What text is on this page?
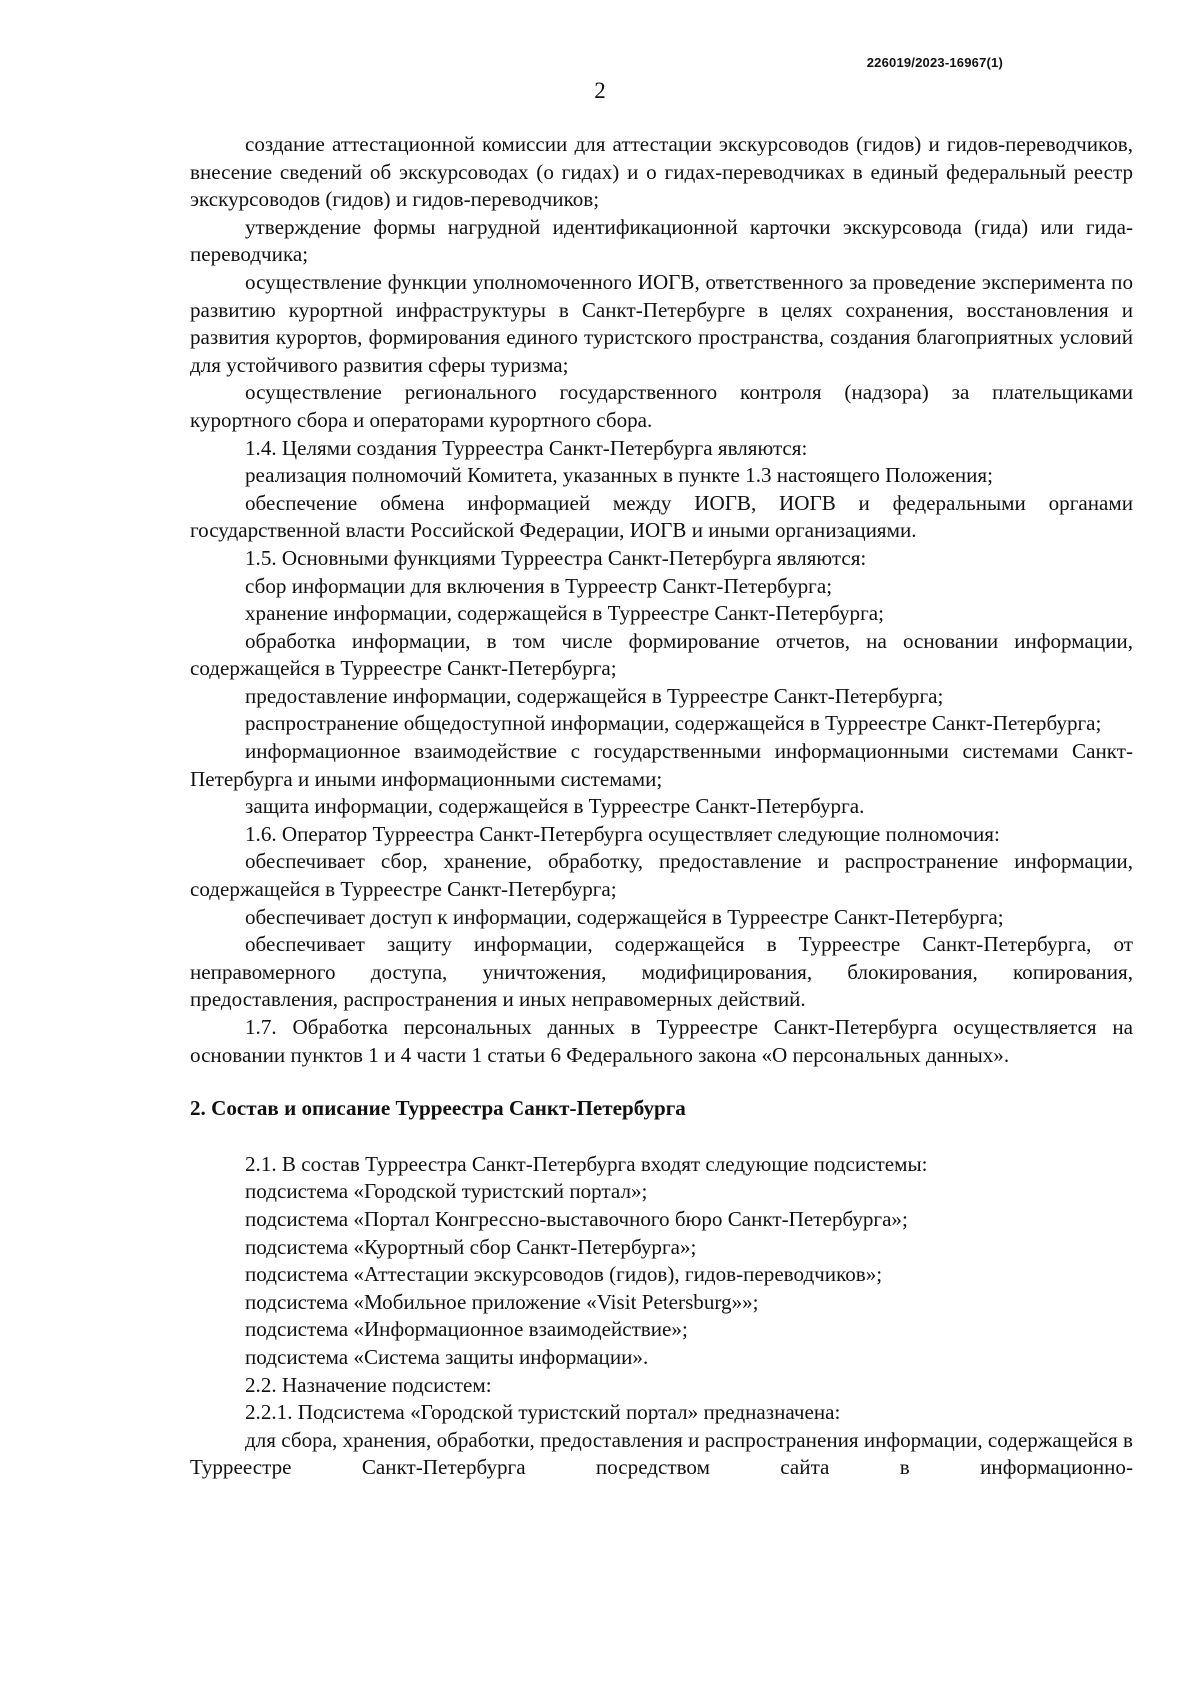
226019/2023-16967(1)
2

создание аттестационной комиссии для аттестации экскурсоводов (гидов) и гидов-переводчиков, внесение сведений об экскурсоводах (о гидах) и о гидах-переводчиках в единый федеральный реестр экскурсоводов (гидов) и гидов-переводчиков;

утверждение формы нагрудной идентификационной карточки экскурсовода (гида) или гида-переводчика;

осуществление функции уполномоченного ИОГВ, ответственного за проведение эксперимента по развитию курортной инфраструктуры в Санкт-Петербурге в целях сохранения, восстановления и развития курортов, формирования единого туристского пространства, создания благоприятных условий для устойчивого развития сферы туризма;

осуществление регионального государственного контроля (надзора) за плательщиками курортного сбора и операторами курортного сбора.

1.4. Целями создания Турреестра Санкт-Петербурга являются:

реализация полномочий Комитета, указанных в пункте 1.3 настоящего Положения;

обеспечение обмена информацией между ИОГВ, ИОГВ и федеральными органами государственной власти Российской Федерации, ИОГВ и иными организациями.

1.5. Основными функциями Турреестра Санкт-Петербурга являются:

сбор информации для включения в Турреестр Санкт-Петербурга;

хранение информации, содержащейся в Турреестре Санкт-Петербурга;

обработка информации, в том числе формирование отчетов, на основании информации, содержащейся в Турреестре Санкт-Петербурга;

предоставление информации, содержащейся в Турреестре Санкт-Петербурга;

распространение общедоступной информации, содержащейся в Турреестре Санкт-Петербурга;

информационное взаимодействие с государственными информационными системами Санкт-Петербурга и иными информационными системами;

защита информации, содержащейся в Турреестре Санкт-Петербурга.

1.6. Оператор Турреестра Санкт-Петербурга осуществляет следующие полномочия:

обеспечивает сбор, хранение, обработку, предоставление и распространение информации, содержащейся в Турреестре Санкт-Петербурга;

обеспечивает доступ к информации, содержащейся в Турреестре Санкт-Петербурга;

обеспечивает защиту информации, содержащейся в Турреестре Санкт-Петербурга, от неправомерного доступа, уничтожения, модифицирования, блокирования, копирования, предоставления, распространения и иных неправомерных действий.

1.7. Обработка персональных данных в Турреестре Санкт-Петербурга осуществляется на основании пунктов 1 и 4 части 1 статьи 6 Федерального закона «О персональных данных».

2. Состав и описание Турреестра Санкт-Петербурга

2.1. В состав Турреестра Санкт-Петербурга входят следующие подсистемы:

подсистема «Городской туристский портал»;

подсистема «Портал Конгрессно-выставочного бюро Санкт-Петербурга»;

подсистема «Курортный сбор Санкт-Петербурга»;

подсистема «Аттестации экскурсоводов (гидов), гидов-переводчиков»;

подсистема «Мобильное приложение «Visit Petersburg»»;

подсистема «Информационное взаимодействие»;

подсистема «Система защиты информации».

2.2. Назначение подсистем:

2.2.1. Подсистема «Городской туристский портал» предназначена:

для сбора, хранения, обработки, предоставления и распространения информации, содержащейся в Турреестре Санкт-Петербурга посредством сайта в информационно-
